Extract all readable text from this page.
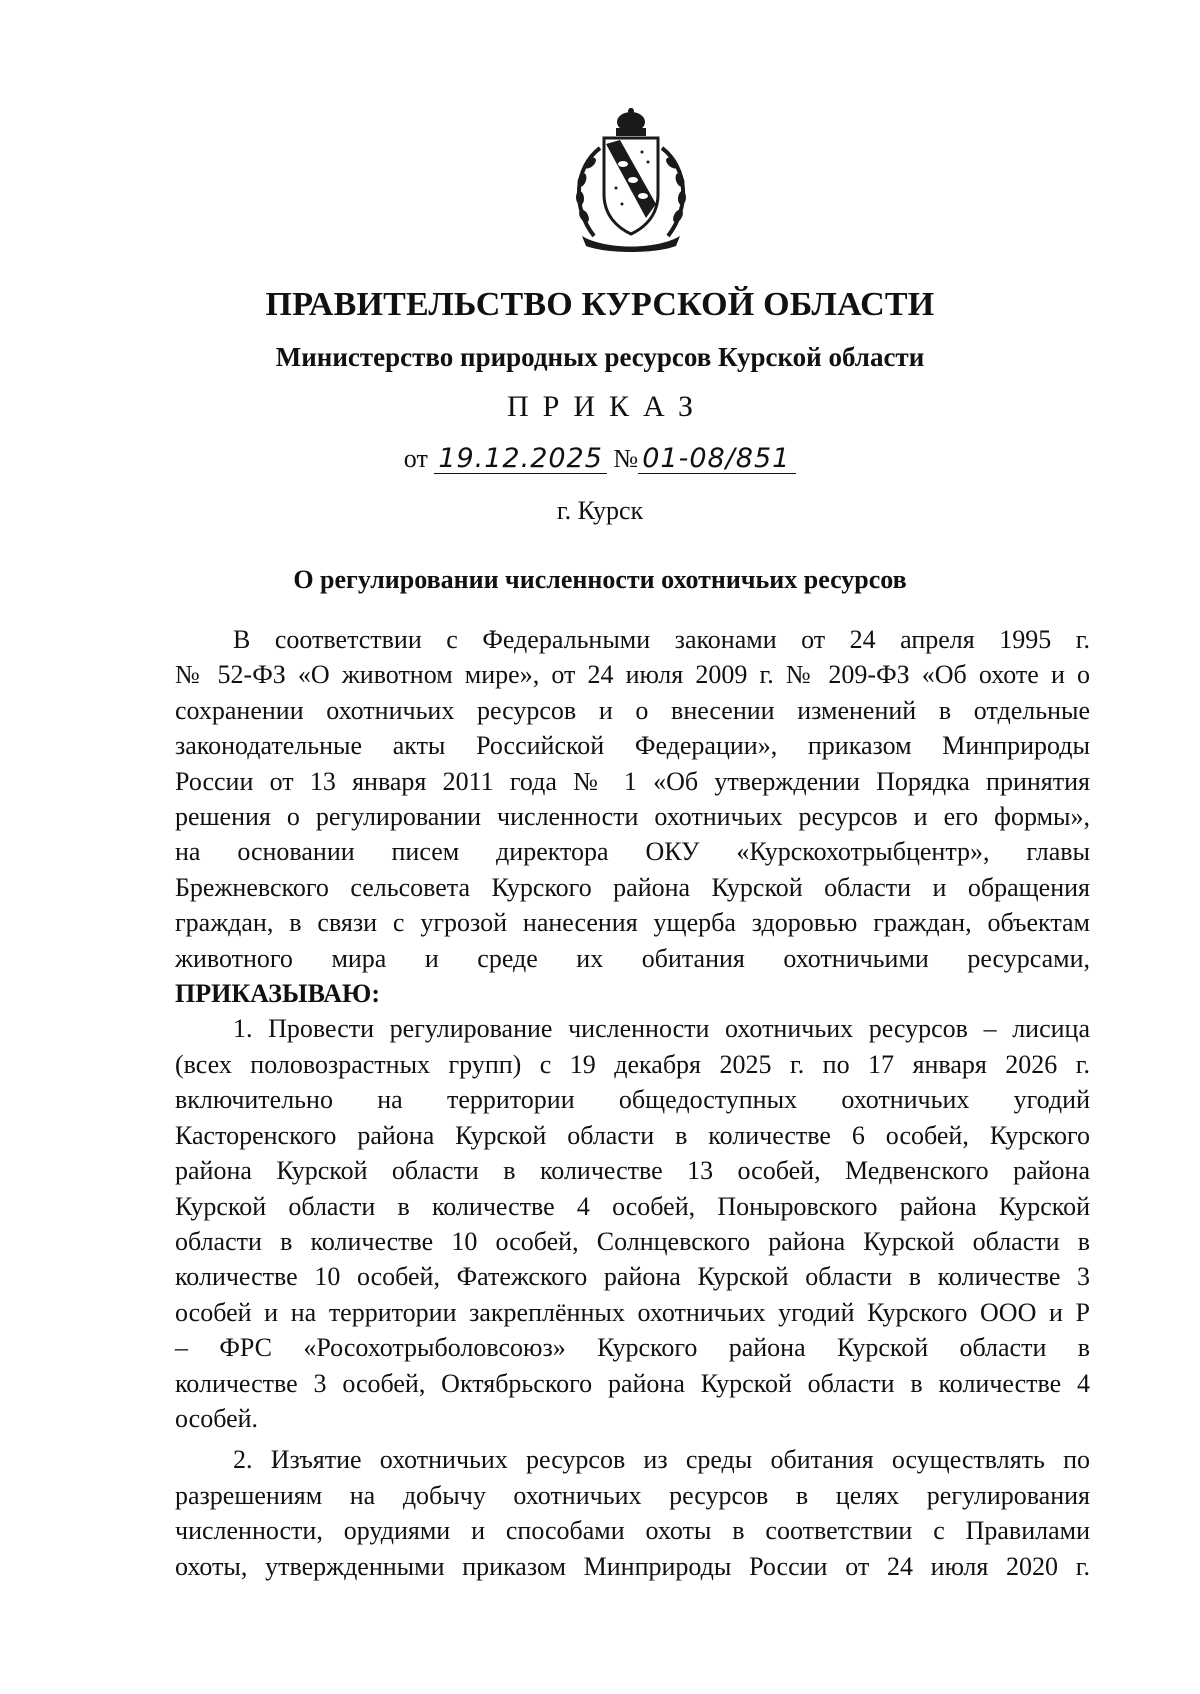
ПРАВИТЕЛЬСТВО КУРСКОЙ ОБЛАСТИ
Министерство природных ресурсов Курской области
ПРИКАЗ
от 19.12.2025 № 01-08/851
г. Курск
О регулировании численности охотничьих ресурсов
В соответствии с Федеральными законами от 24 апреля 1995 г.
№ 52-ФЗ «О животном мире», от 24 июля 2009 г. № 209-ФЗ «Об охоте и о
сохранении охотничьих ресурсов и о внесении изменений в отдельные
законодательные акты Российской Федерации», приказом Минприроды
России от 13 января 2011 года № 1 «Об утверждении Порядка принятия
решения о регулировании численности охотничьих ресурсов и его формы»,
на основании писем директора ОКУ «Курскохотрыбцентр», главы
Брежневского сельсовета Курского района Курской области и обращения
граждан, в связи с угрозой нанесения ущерба здоровью граждан, объектам
животного мира и среде их обитания охотничьими ресурсами,
ПРИКАЗЫВАЮ:
1. Провести регулирование численности охотничьих ресурсов – лисица
(всех половозрастных групп) с 19 декабря 2025 г. по 17 января 2026 г.
включительно на территории общедоступных охотничьих угодий
Касторенского района Курской области в количестве 6 особей, Курского
района Курской области в количестве 13 особей, Медвенского района
Курской области в количестве 4 особей, Поныровского района Курской
области в количестве 10 особей, Солнцевского района Курской области в
количестве 10 особей, Фатежского района Курской области в количестве 3
особей и на территории закреплённых охотничьих угодий Курского ООО и Р
– ФРС «Росохотрыболовсоюз» Курского района Курской области в
количестве 3 особей, Октябрьского района Курской области в количестве 4
особей.
2. Изъятие охотничьих ресурсов из среды обитания осуществлять по
разрешениям на добычу охотничьих ресурсов в целях регулирования
численности, орудиями и способами охоты в соответствии с Правилами
охоты, утвержденными приказом Минприроды России от 24 июля 2020 г.
